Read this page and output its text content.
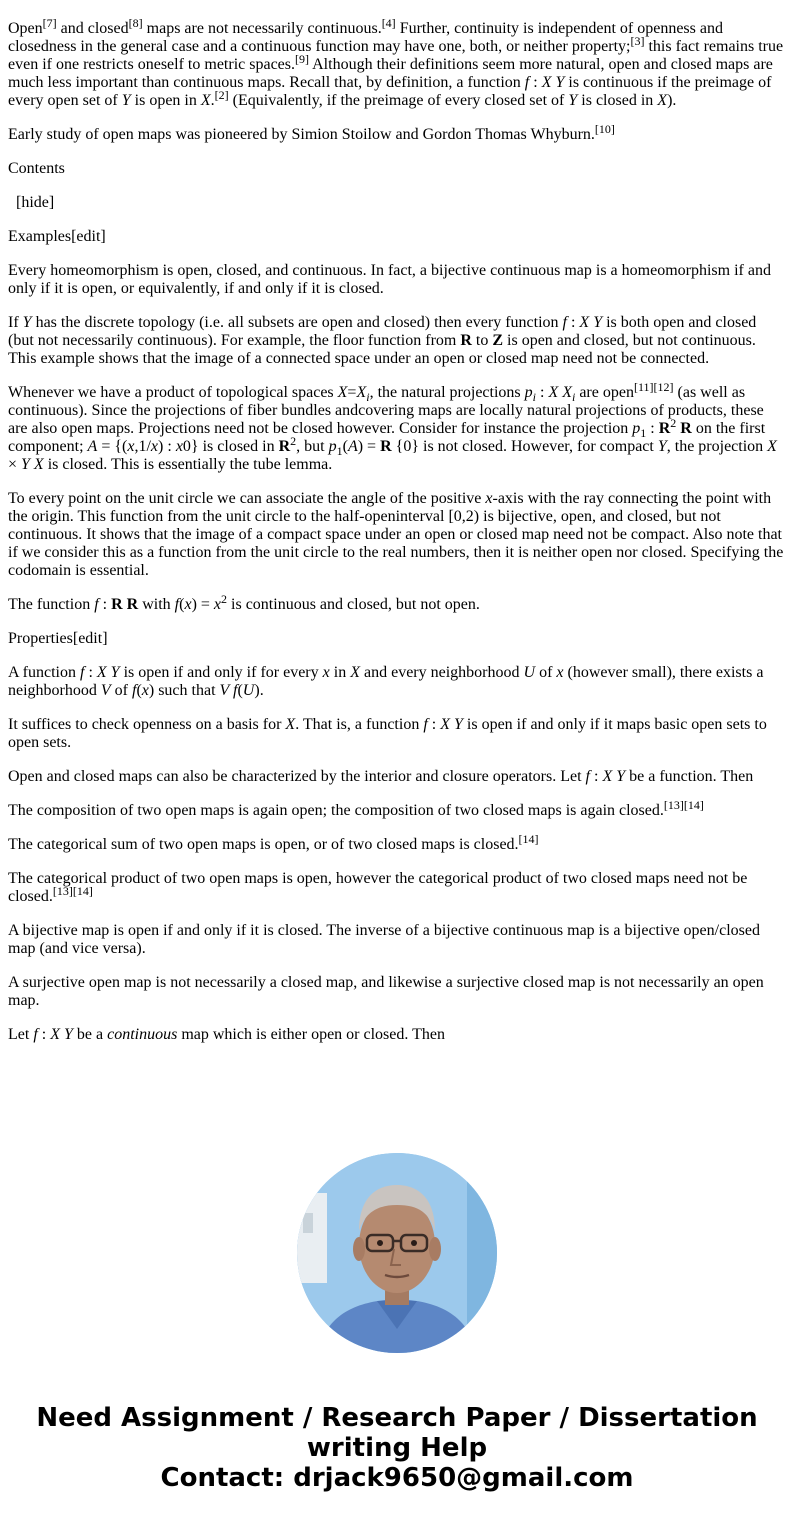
Open[7] and closed[8] maps are not necessarily continuous.[4] Further, continuity is independent of openness and closedness in the general case and a continuous function may have one, both, or neither property;[3] this fact remains true even if one restricts oneself to metric spaces.[9] Although their definitions seem more natural, open and closed maps are much less important than continuous maps. Recall that, by definition, a function f : X Y is continuous if the preimage of every open set of Y is open in X.[2] (Equivalently, if the preimage of every closed set of Y is closed in X).

Early study of open maps was pioneered by Simion Stoilow and Gordon Thomas Whyburn.[10]

Contents

[hide]

Examples[edit]

Every homeomorphism is open, closed, and continuous. In fact, a bijective continuous map is a homeomorphism if and only if it is open, or equivalently, if and only if it is closed.

If Y has the discrete topology (i.e. all subsets are open and closed) then every function f : X Y is both open and closed (but not necessarily continuous). For example, the floor function from R to Z is open and closed, but not continuous. This example shows that the image of a connected space under an open or closed map need not be connected.

Whenever we have a product of topological spaces $X=X_i$, the natural projections $p_i$ : X $X_i$ are open[11][12] (as well as continuous). Since the projections of fiber bundles andcovering maps are locally natural projections of products, these are also open maps. Projections need not be closed however. Consider for instance the projection $p_1$ : $R^2$ R on the first component; A = {(x,1/x) : x0} is closed in $R^2$, but $p_1(A) = R$ {0} is not closed. However, for compact Y, the projection X × Y X is closed. This is essentially the tube lemma.

To every point on the unit circle we can associate the angle of the positive x-axis with the ray connecting the point with the origin. This function from the unit circle to the half-openinterval [0,2) is bijective, open, and closed, but not continuous. It shows that the image of a compact space under an open or closed map need not be compact. Also note that if we consider this as a function from the unit circle to the real numbers, then it is neither open nor closed. Specifying the codomain is essential.

The function f : R R with $f(x) = x^2$ is continuous and closed, but not open.

Properties[edit]

A function f : X Y is open if and only if for every x in X and every neighborhood U of x (however small), there exists a neighborhood V of f(x) such that V f(U).

It suffices to check openness on a basis for X. That is, a function f : X Y is open if and only if it maps basic open sets to open sets.

Open and closed maps can also be characterized by the interior and closure operators. Let f : X Y be a function. Then

The composition of two open maps is again open; the composition of two closed maps is again closed.[13][14]

The categorical sum of two open maps is open, or of two closed maps is closed.[14]

The categorical product of two open maps is open, however the categorical product of two closed maps need not be closed.[13][14]

A bijective map is open if and only if it is closed. The inverse of a bijective continuous map is a bijective open/closed map (and vice versa).

A surjective open map is not necessarily a closed map, and likewise a surjective closed map is not necessarily an open map.

Let f : X Y be a continuous map which is either open or closed. Then

Need Assignment / Research Paper / Dissertation
writing Help
Contact: drjack9650@gmail.com
